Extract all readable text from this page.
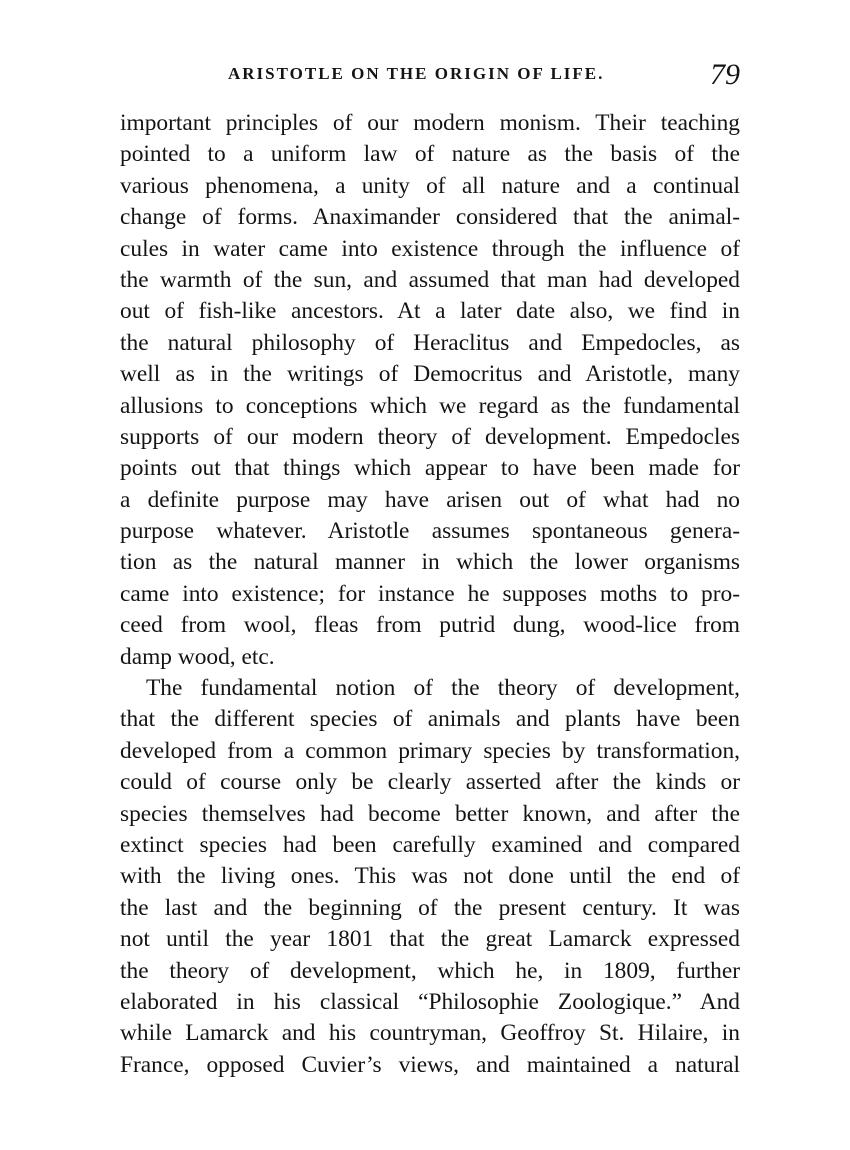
ARISTOTLE ON THE ORIGIN OF LIFE.	79
important principles of our modern monism. Their teaching
pointed to a uniform law of nature as the basis of the
various phenomena, a unity of all nature and a continual
change of forms. Anaximander considered that the animal-
cules in water came into existence through the influence of
the warmth of the sun, and assumed that man had developed
out of fish-like ancestors. At a later date also, we find in
the natural philosophy of Heraclitus and Empedocles, as
well as in the writings of Democritus and Aristotle, many
allusions to conceptions which we regard as the fundamental
supports of our modern theory of development. Empedocles
points out that things which appear to have been made for
a definite purpose may have arisen out of what had no
purpose whatever. Aristotle assumes spontaneous genera-
tion as the natural manner in which the lower organisms
came into existence; for instance he supposes moths to pro-
ceed from wool, fleas from putrid dung, wood-lice from
damp wood, etc.
The fundamental notion of the theory of development,
that the different species of animals and plants have been
developed from a common primary species by transformation,
could of course only be clearly asserted after the kinds or
species themselves had become better known, and after the
extinct species had been carefully examined and compared
with the living ones. This was not done until the end of
the last and the beginning of the present century. It was
not until the year 1801 that the great Lamarck expressed
the theory of development, which he, in 1809, further
elaborated in his classical “Philosophie Zoologique.” And
while Lamarck and his countryman, Geoffroy St. Hilaire, in
France, opposed Cuvier’s views, and maintained a natural
